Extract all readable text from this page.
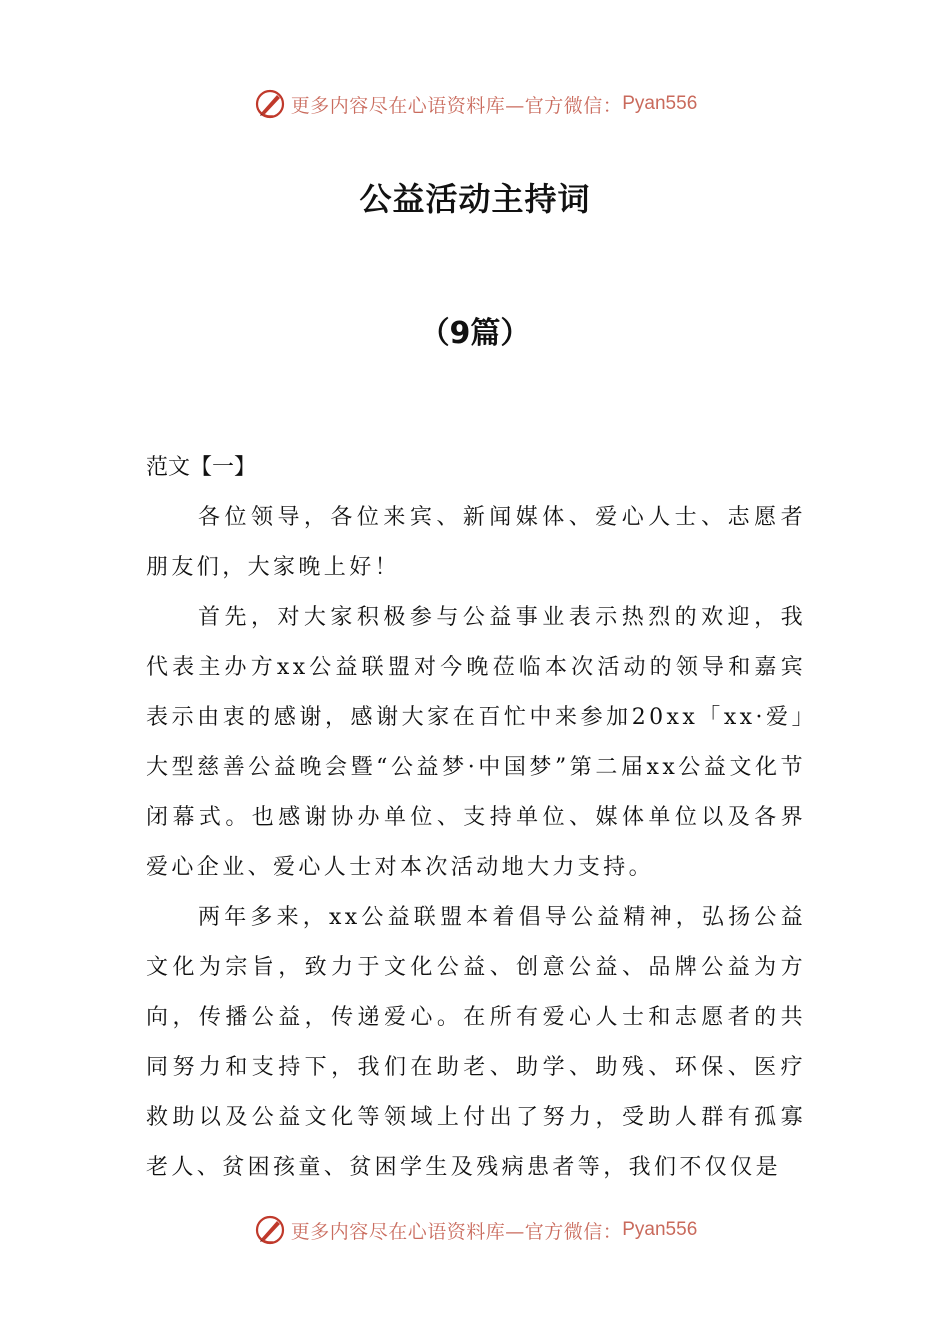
更多内容尽在心语资料库—官方微信： Pyan556
公益活动主持词
（9篇）
范文【一】

各位领导，各位来宾、新闻媒体、爱心人士、志愿者朋友们，大家晚上好！

首先，对大家积极参与公益事业表示热烈的欢迎，我代表主办方xx公益联盟对今晚莅临本次活动的领导和嘉宾表示由衷的感谢，感谢大家在百忙中来参加20xx「xx·爱」大型慈善公益晚会暨“公益梦·中国梦”第二届xx公益文化节闭幕式。也感谢协办单位、支持单位、媒体单位以及各界爱心企业、爱心人士对本次活动地大力支持。

两年多来，xx公益联盟本着倡导公益精神，弘扬公益文化为宗旨，致力于文化公益、创意公益、品牌公益为方向，传播公益，传递爱心。在所有爱心人士和志愿者的共同努力和支持下，我们在助老、助学、助残、环保、医疗救助以及公益文化等领域上付出了努力，受助人群有孤寡老人、贫困孩童、贫困学生及残病患者等，我们不仅仅是

更多内容尽在心语资料库—官方微信： Pyan556
